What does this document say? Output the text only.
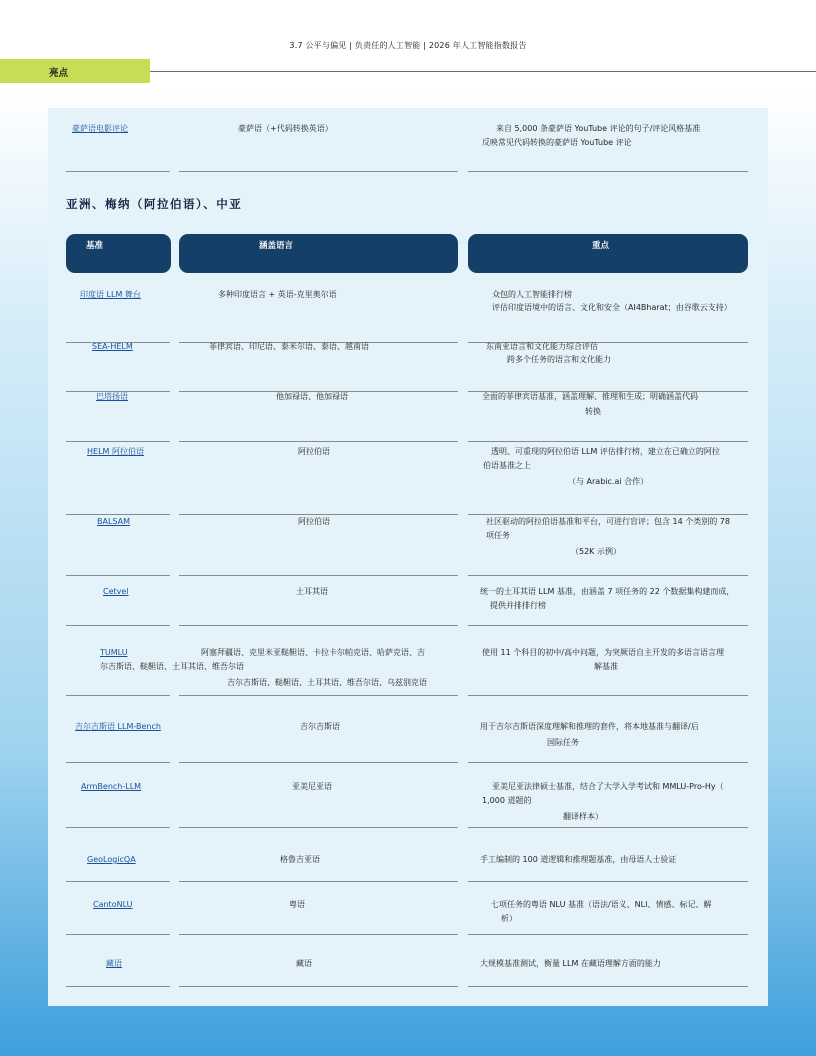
3.7 公平与偏见 | 负责任的人工智能 | 2026 年人工智能指数报告
亮点
豪萨语电影评论	豪萨语（+代码转换英语）	来自 5,000 条豪萨语 YouTube 评论的句子/评论风格基准
反映常见代码转换的豪萨语 YouTube 评论
亚洲、梅纳（阿拉伯语）、中亚
基准	涵盖语言	重点
印度语 LLM 舞台	多种印度语言 + 英语-克里奥尔语	众包的人工智能排行榜
评估印度语境中的语言、文化和安全（AI4Bharat；由谷歌云支持）
SEA-HELM	菲律宾语、印尼语、泰米尔语、泰语、越南语	东南亚语言和文化能力综合评估
跨多个任务的语言和文化能力
巴塔扬语	他加禄语、他加禄语	全面的菲律宾语基准，涵盖理解、推理和生成；明确涵盖代码
转换
HELM 阿拉伯语	阿拉伯语	透明、可重现的阿拉伯语 LLM 评估排行榜，建立在已确立的阿拉
伯语基准之上
（与 Arabic.ai 合作）
BALSAM	阿拉伯语	社区驱动的阿拉伯语基准和平台，可进行盲评；包含 14 个类别的 78
项任务
（52K 示例）
Cetvel	土耳其语	统一的土耳其语 LLM 基准，由涵盖 7 项任务的 22 个数据集构建而成，
提供并排排行榜
TUMLU	阿塞拜疆语、克里米亚鞑靼语、卡拉卡尔帕克语、哈萨克语、吉
尔吉斯语、鞑靼语、土耳其语、维吾尔语
吉尔吉斯语、鞑靼语、土耳其语、维吾尔语、乌兹别克语
使用 11 个科目的初中/高中问题，为突厥语自主开发的多语言语言理
解基准
吉尔吉斯语 LLM-Bench	吉尔吉斯语	用于吉尔吉斯语深度理解和推理的套件，将本地基准与翻译/后
国际任务
ArmBench-LLM	亚美尼亚语	亚美尼亚法律硕士基准，结合了大学入学考试和 MMLU-Pro-Hy（
1,000 道题的
翻译样本）
GeoLogicQA	格鲁吉亚语	手工编制的 100 道逻辑和推理题基准，由母语人士验证
CantoNLU	粤语	七项任务的粤语 NLU 基准（语法/语义、NLI、情感、标记、解
析）
藏语	藏语	大规模基准测试，衡量 LLM 在藏语理解方面的能力
